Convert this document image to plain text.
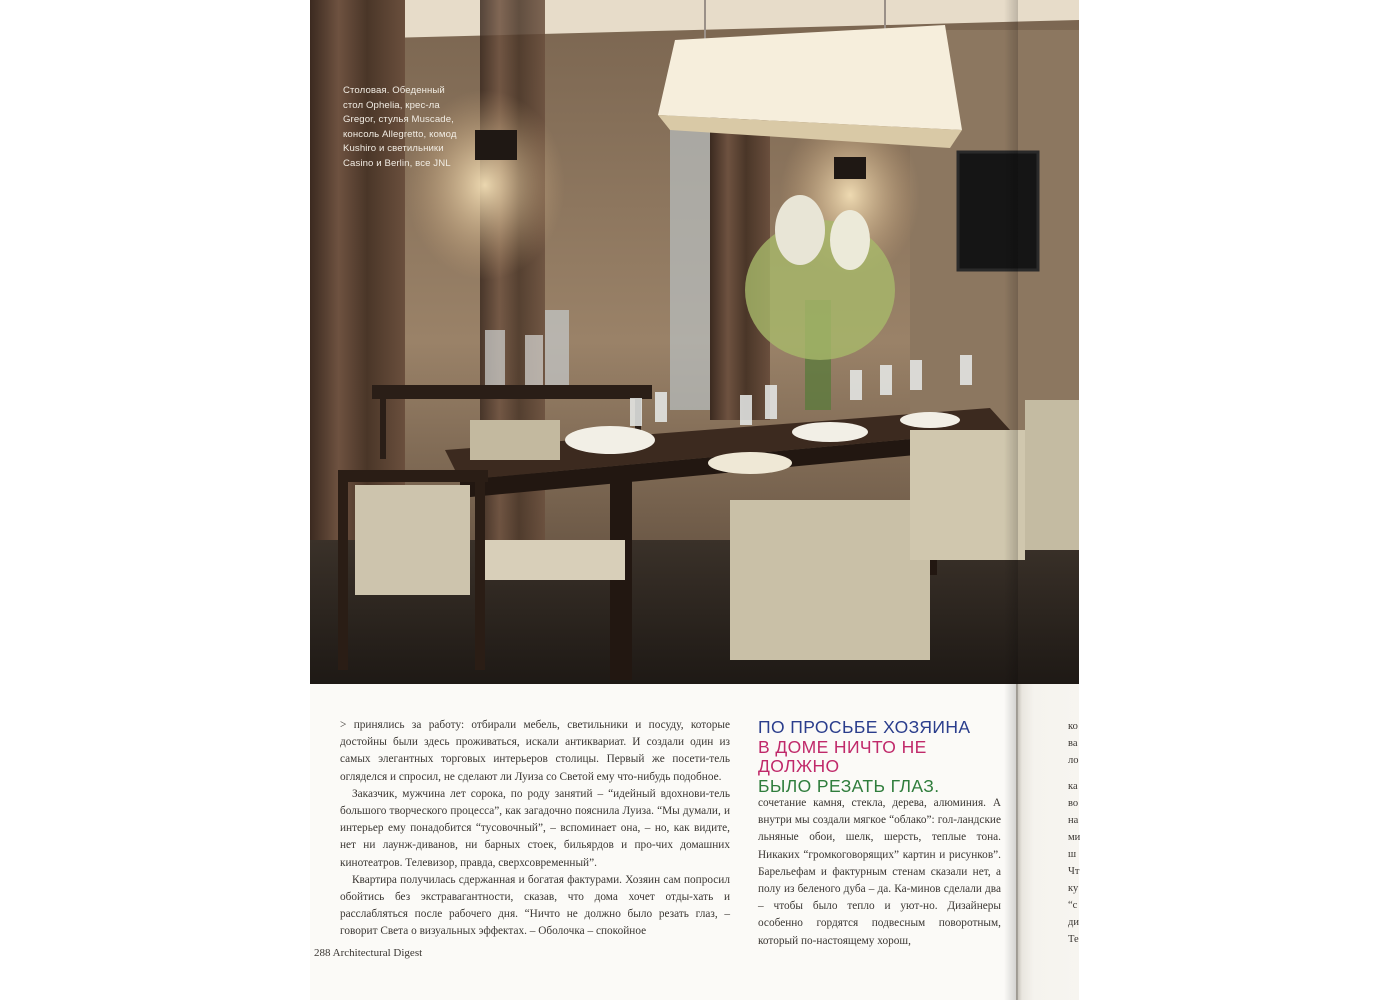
Столовая. Обеденный стол Ophelia, крес-ла Gregor, стулья Muscade, консоль Allegretto, комод Kushiro и светильники Casino и Berlin, все JNL

> принялись за работу: отбирали мебель, светильники и посуду, которые достойны были здесь проживаться, искали антиквариат. И создали один из самых элегантных торговых интерьеров столицы. Первый же посети-тель огляделся и спросил, не сделают ли Луиза со Светой ему что-нибудь подобное.

Заказчик, мужчина лет сорока, по роду занятий – “идейный вдохнови-тель большого творческого процесса”, как загадочно пояснила Луиза. “Мы думали, и интерьер ему понадобится “тусовочный”, – вспоминает она, – но, как видите, нет ни лаунж-диванов, ни барных стоек, бильярдов и про-чих домашних кинотеатров. Телевизор, правда, сверхсовременный”.

Квартира получилась сдержанная и богатая фактурами. Хозяин сам попросил обойтись без экстравагантности, сказав, что дома хочет отды-хать и расслабляться после рабочего дня. “Ничто не должно было резать глаз, – говорит Света о визуальных эффектах. – Оболочка – спокойное

ПО ПРОСЬБЕ ХОЗЯИНА
В ДОМЕ НИЧТО НЕ ДОЛЖНО
БЫЛО РЕЗАТЬ ГЛАЗ.

сочетание камня, стекла, дерева, алюминия. А внутри мы создали мягкое “облако”: гол-ландские льняные обои, шелк, шерсть, теплые тона. Никаких “громкоговорящих” картин и рисунков”. Барельефам и фактурным стенам сказали нет, а полу из беленого дуба – да. Ка-минов сделали два – чтобы было тепло и уют-но. Дизайнеры особенно гордятся подвесным поворотным, который по-настоящему хорош,

288 Architectural Digest
ко
ва
ло
ка
во
на
ми
ш
Чт
ку
“с
ди
Те
